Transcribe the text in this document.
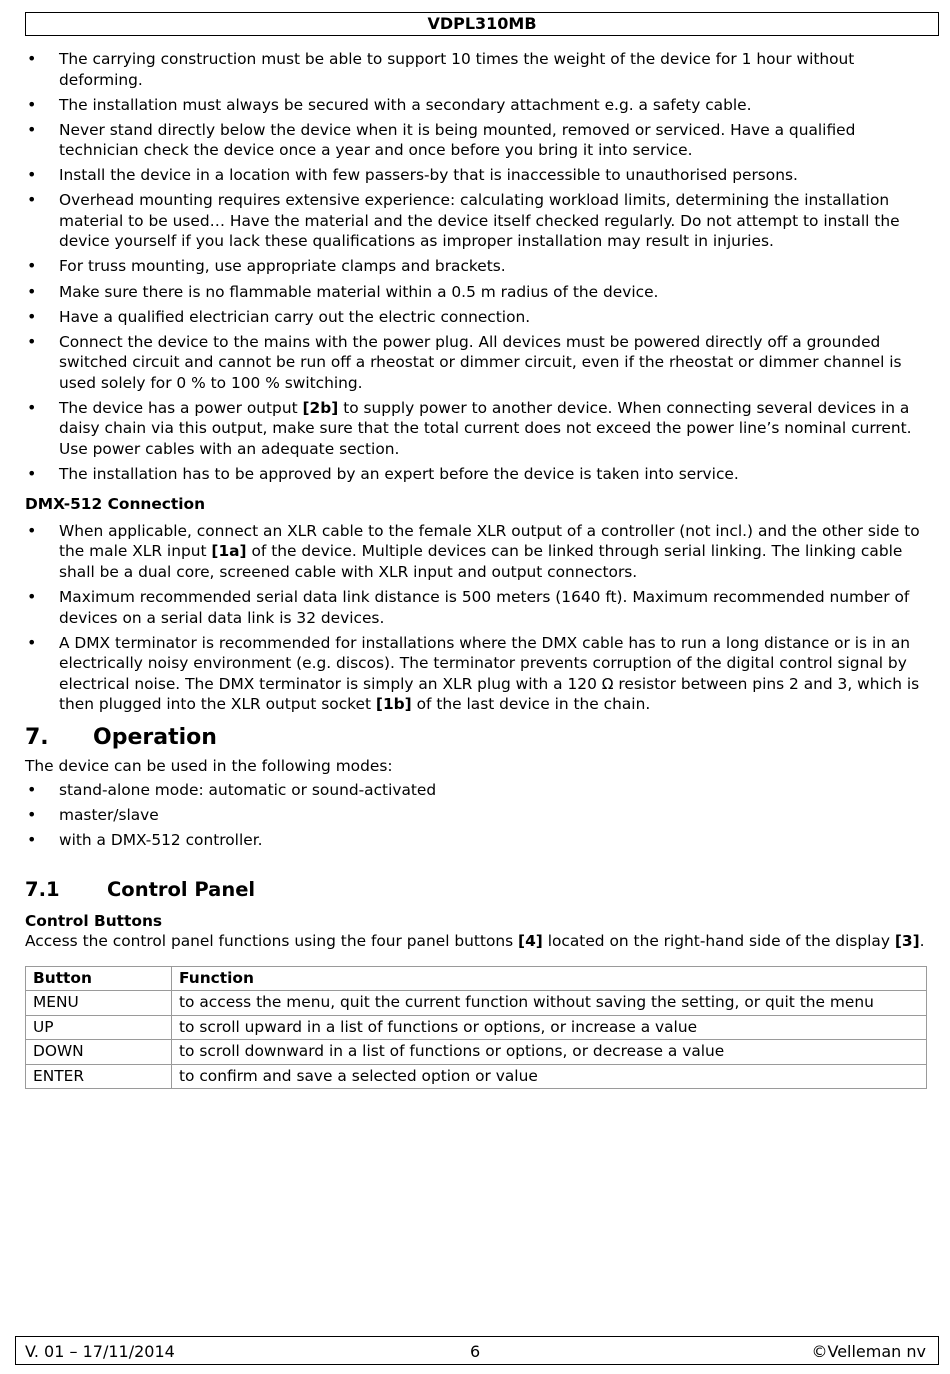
VDPL310MB
• The carrying construction must be able to support 10 times the weight of the device for 1 hour without deforming.
• The installation must always be secured with a secondary attachment e.g. a safety cable.
• Never stand directly below the device when it is being mounted, removed or serviced. Have a qualified technician check the device once a year and once before you bring it into service.
• Install the device in a location with few passers-by that is inaccessible to unauthorised persons.
• Overhead mounting requires extensive experience: calculating workload limits, determining the installation material to be used… Have the material and the device itself checked regularly. Do not attempt to install the device yourself if you lack these qualifications as improper installation may result in injuries.
• For truss mounting, use appropriate clamps and brackets.
• Make sure there is no flammable material within a 0.5 m radius of the device.
• Have a qualified electrician carry out the electric connection.
• Connect the device to the mains with the power plug. All devices must be powered directly off a grounded switched circuit and cannot be run off a rheostat or dimmer circuit, even if the rheostat or dimmer channel is used solely for 0 % to 100 % switching.
• The device has a power output [2b] to supply power to another device. When connecting several devices in a daisy chain via this output, make sure that the total current does not exceed the power line’s nominal current. Use power cables with an adequate section.
• The installation has to be approved by an expert before the device is taken into service.
DMX-512 Connection
• When applicable, connect an XLR cable to the female XLR output of a controller (not incl.) and the other side to the male XLR input [1a] of the device. Multiple devices can be linked through serial linking. The linking cable shall be a dual core, screened cable with XLR input and output connectors.
• Maximum recommended serial data link distance is 500 meters (1640 ft). Maximum recommended number of devices on a serial data link is 32 devices.
• A DMX terminator is recommended for installations where the DMX cable has to run a long distance or is in an electrically noisy environment (e.g. discos). The terminator prevents corruption of the digital control signal by electrical noise. The DMX terminator is simply an XLR plug with a 120 Ω resistor between pins 2 and 3, which is then plugged into the XLR output socket [1b] of the last device in the chain.
7. Operation

The device can be used in the following modes:

• stand-alone mode: automatic or sound-activated
• master/slave
• with a DMX-512 controller.
7.1 Control Panel
Control Buttons

Access the control panel functions using the four panel buttons [4] located on the right-hand side of the display [3].

Button	Function
MENU	to access the menu, quit the current function without saving the setting, or quit the menu
UP	to scroll upward in a list of functions or options, or increase a value
DOWN	to scroll downward in a list of functions or options, or decrease a value
ENTER	to confirm and save a selected option or value
V. 01 – 17/11/2014	6	©Velleman nv
